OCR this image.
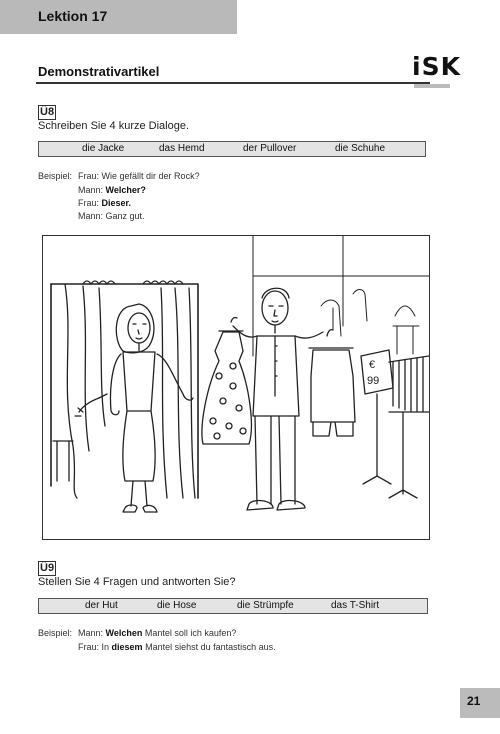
Lektion 17
Demonstrativartikel	iSK
Ü8
Schreiben Sie 4 kurze Dialoge.
die Jacke	das Hemd	der Pullover	die Schuhe
Beispiel: Frau: Wie gefällt dir der Rock?
Mann: Welcher?
Frau: Dieser.
Mann: Ganz gut.
€
99
Ü9
Stellen Sie 4 Fragen und antworten Sie?
der Hut	die Hose	die Strümpfe	das T-Shirt
Beispiel: Mann: Welchen Mantel soll ich kaufen?
Frau: In diesem Mantel siehst du fantastisch aus.
21
